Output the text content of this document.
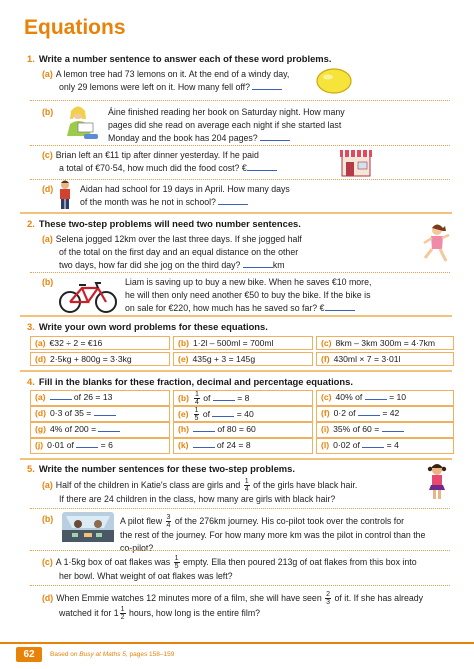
Equations
1. Write a number sentence to answer each of these word problems.
(a) A lemon tree had 73 lemons on it. At the end of a windy day,
only 29 lemons were left on it. How many fell off?
(b)	Áine finished reading her book on Saturday night. How many
pages did she read on average each night if she started last
Monday and the book has 204 pages?
(c) Brian left an €11 tip after dinner yesterday. If he paid
a total of €70·54, how much did the food cost? €
(d)	Aidan had school for 19 days in April. How many days
of the month was he not in school?
2. These two-step problems will need two number sentences.
(a) Selena jogged 12km over the last three days. If she jogged half
of the total on the first day and an equal distance on the other
two days, how far did she jog on the third day?	km
(b)	Liam is saving up to buy a new bike. When he saves €10 more,
he will then only need another €50 to buy the bike. If the bike is
on sale for €220, how much has he saved so far? €
3. Write your own word problems for these equations.
(a) €32 ÷ 2 = €16	(b) 1·2l – 500ml = 700ml	(c) 8km – 3km 300m = 4·7km
(d) 2·5kg + 800g = 3·3kg	(e) 435g + 3 = 145g	(f) 430ml × 7 = 3·01l
4. Fill in the blanks for these fraction, decimal and percentage equations.
(a)	of 26 = 13	$(b) \frac{1}{4}$ of	= 8	(c) 40% of	= 10
(d) 0·3 of 35 =	$(e) \frac{1}{5}$ of	= 40	(f) 0·2 of	= 42
(g) 4% of 200 =	(h)	of 80 = 60	(i) 35% of 60 =
(j) 0·01 of	= 6	(k)	of 24 = 8	(l) 0·02 of	= 4
5. Write the number sentences for these two-step problems.
(a) Half of the children in Katie's class are girls and $\frac{1}{4}$ of the girls have black hair.
If there are 24 children in the class, how many are girls with black hair?
(b)	A pilot flew $\frac{3}{4}$ of the 276km journey. His co-pilot took over the controls for
the rest of the journey. For how many more km was the pilot in control than the
co-pilot?
(c) A 1·5kg box of oat flakes was $\frac{1}{5}$ empty. Ella then poured 213g of oat flakes from this box into
her bowl. What weight of oat flakes was left?
(d) When Emmie watches 12 minutes more of a film, she will have seen $\frac{2}{3}$ of it. If she has already
watched it for $1 \frac{1}{2}$ hours, how long is the entire film?
62	Based on Busy at Maths 5, pages 158–159
